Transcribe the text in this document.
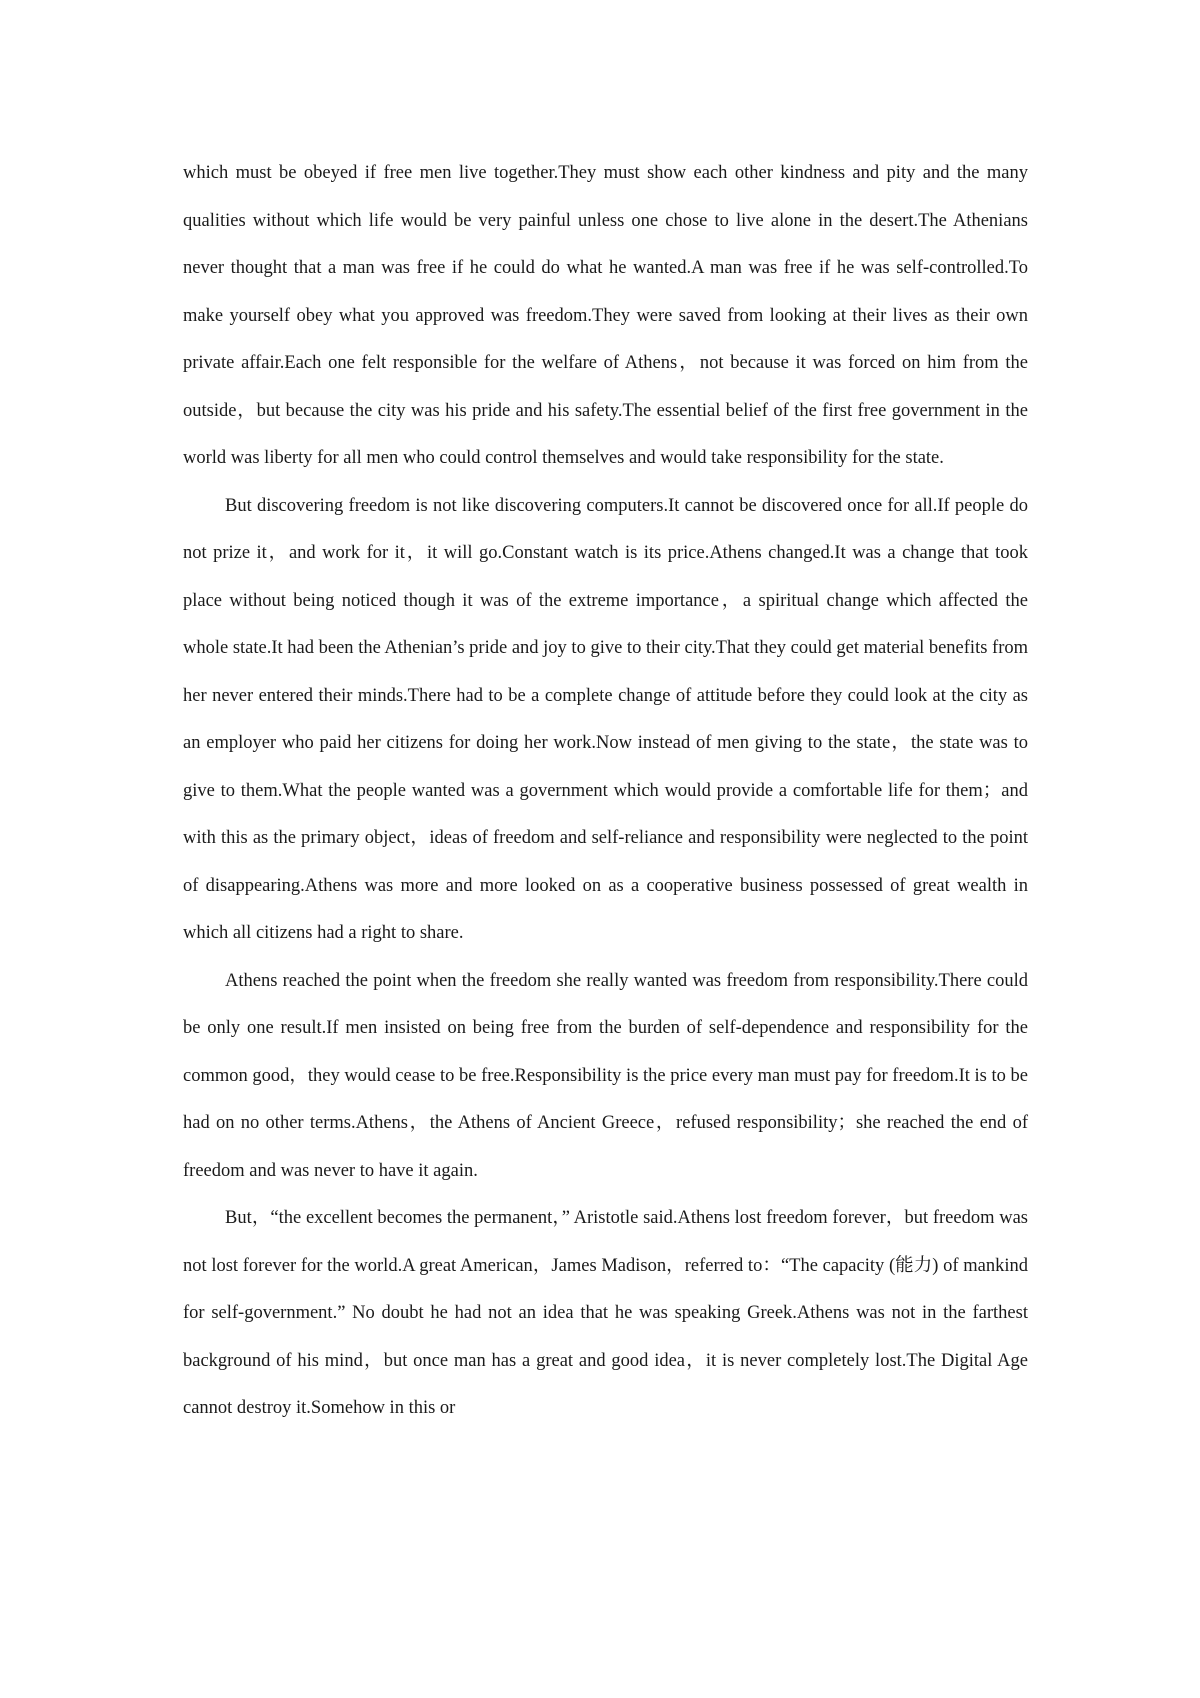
which must be obeyed if free men live together.They must show each other kindness and pity and the many qualities without which life would be very painful unless one chose to live alone in the desert.The Athenians never thought that a man was free if he could do what he wanted.A man was free if he was self-controlled.To make yourself obey what you approved was freedom.They were saved from looking at their lives as their own private affair.Each one felt responsible for the welfare of Athens，not because it was forced on him from the outside，but because the city was his pride and his safety.The essential belief of the first free government in the world was liberty for all men who could control themselves and would take responsibility for the state.

But discovering freedom is not like discovering computers.It cannot be discovered once for all.If people do not prize it，and work for it，it will go.Constant watch is its price.Athens changed.It was a change that took place without being noticed though it was of the extreme importance，a spiritual change which affected the whole state.It had been the Athenian’s pride and joy to give to their city.That they could get material benefits from her never entered their minds.There had to be a complete change of attitude before they could look at the city as an employer who paid her citizens for doing her work.Now instead of men giving to the state，the state was to give to them.What the people wanted was a government which would provide a comfortable life for them；and with this as the primary object，ideas of freedom and self-reliance and responsibility were neglected to the point of disappearing.Athens was more and more looked on as a cooperative business possessed of great wealth in which all citizens had a right to share.

Athens reached the point when the freedom she really wanted was freedom from responsibility.There could be only one result.If men insisted on being free from the burden of self-dependence and responsibility for the common good，they would cease to be free.Responsibility is the price every man must pay for freedom.It is to be had on no other terms.Athens，the Athens of Ancient Greece，refused responsibility；she reached the end of freedom and was never to have it again.

But，“the excellent becomes the permanent，” Aristotle said.Athens lost freedom forever，but freedom was not lost forever for the world.A great American，James Madison，referred to：“The capacity (能力) of mankind for self-government.” No doubt he had not an idea that he was speaking Greek.Athens was not in the farthest background of his mind，but once man has a great and good idea，it is never completely lost.The Digital Age cannot destroy it.Somehow in this or
